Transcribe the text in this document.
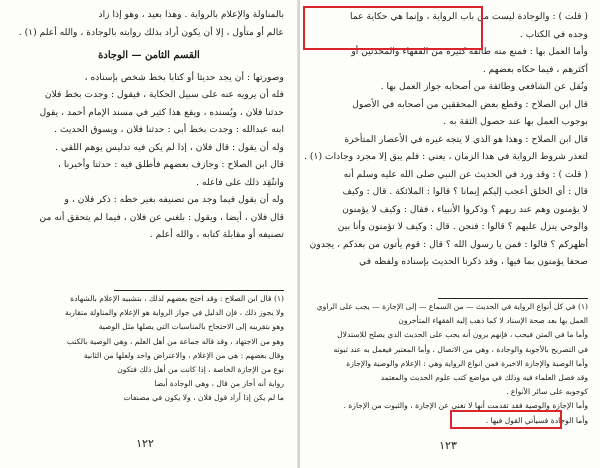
بالمناولة والإعلام بالرواية . وهذا بعيد ، وهو إذا زاد
عالم أو متأول ، إلا أن يكون أراد بذلك روايته بالوجادة ، والله أعلم (١) .
القسم الثامن — الوجادة
وصورتها : أن يجد حديثا أو كتابا بخط شخص بإسناده ،
فله أن يرويه عنه على سبيل الحكاية ، فيقول : وجدت بخط فلان
حدثنا فلان ، ويُسنده ، ويقع هذا كثير في مسند الإمام أحمد ، يقول
ابنه عبدالله : وجدت بخط أبي : حدثنا فلان ، ويسوق الحديث .
وله أن يقول : قال فلان ، إذا لم يكن فيه تدليس يوهم اللقي .
قال ابن الصلاح : وجازف بعضهم فأطلق فيه : حدثنا وأخبرنا ،
وانتُقِد ذلك على فاعله .
وله أن يقول فيما وجد من تصنيفه بغير خطه : ذكر فلان ، و
قال فلان ، أيضا ، ويقول : بلغني عن فلان ، فيما لم يتحقق أنه من
تصنيفه أو مقابلة كتابه ، والله أعلم .
(١) قال ابن الصلاح : وقد احتج بعضهم لذلك ، بتشبيه الإعلام بالشهادة
ولا يجوز ذلك ، فإن الدليل في جواز الرواية هو الإعلام والمناولة متقاربة
وهو بتقريبه إلى الاحتجاج بالمناسبات التي يصلها مثل الوصية
وهو من الاجتهاد ، وقد قاله جماعة من أهل العلم ، وهي الوصية بالكتب
وقال بعضهم : هي من الإعلام ، والاعتراض واحد ولعلها من الثانية
نوع من الإجازة الخاصة ، إذا كانت من أهل ذلك فتكون
رواية أنه أجاز من قال ، وهي الوجادة أيضا
ما لم يكن إذا أراد قول فلان ، ولا يكون في مصنفات
١٢٢
( قلت ) : والوجادة ليست من باب الرواية ، وإنما هي حكاية عما
وجده في الكتاب .
وأما العمل بها : فمنع منه طائفة كثيرة من الفقهاء والمحدثين أو
أكثرهم ، فيما حكاه بعضهم .
ونُقل عن الشافعي وطائفة من أصحابه جواز العمل بها .
قال ابن الصلاح : وقطع بعض المحققين من أصحابه في الأصول
بوجوب العمل بها عند حصول الثقة به .
قال ابن الصلاح : وهذا هو الذي لا يتجه غيره في الأعصار المتأخرة
لتعذر شروط الرواية في هذا الزمان ، يعني : فلم يبق إلا مجرد وجادات (١) .
( قلت ) : وقد ورد في الحديث عن النبي صلى الله عليه وسلم أنه
قال : أي الخلق أعجب إليكم إيمانا ؟ قالوا : الملائكة . قال : وكيف
لا يؤمنون وهم عند ربهم ؟ وذكروا الأنبياء ، فقال : وكيف لا يؤمنون
والوحي ينزل عليهم ؟ قالوا : فنحن . قال : وكيف لا تؤمنون وأنا بين
أظهركم ؟ قالوا : فمن يا رسول الله ؟ قال : قوم يأتون من بعدكم ، يجدون
صحفا يؤمنون بما فيها ، وقد ذكرنا الحديث بإسناده ولفظه في
(١) في كل أنواع الرواية في الحديث — من السماع — إلى الإجازة — يجب على الراوي
العمل بها بعد صحة الإسناد لا كما ذهب إليه الفقهاء المتأخرون
وأما ما في المتن فيجب ، فإنهم يرون أنه يجب على الحديث الذي يصلح للاستدلال
في التصريح بالأجوبة والوجادة ، وهي من الاتصال ، وأما المعتبر فيعمل به عند ثبوته
وأما الوصية والإجازة الاخيرة فمن انواع الرواية وهي : الإعلام والوصية والإجازة
وقد فصل العلماء فيه وذلك في مواضع كتب علوم الحديث والمعتمد
كوجوبه على سائر الأنواع .
وأما الإجازة والوصية فقد تقدمت أنها لا تغني عن الإجازة ، والثبوت من الإجازة .
وأما الوجادة فسيأتي القول فيها .
١٢٣
